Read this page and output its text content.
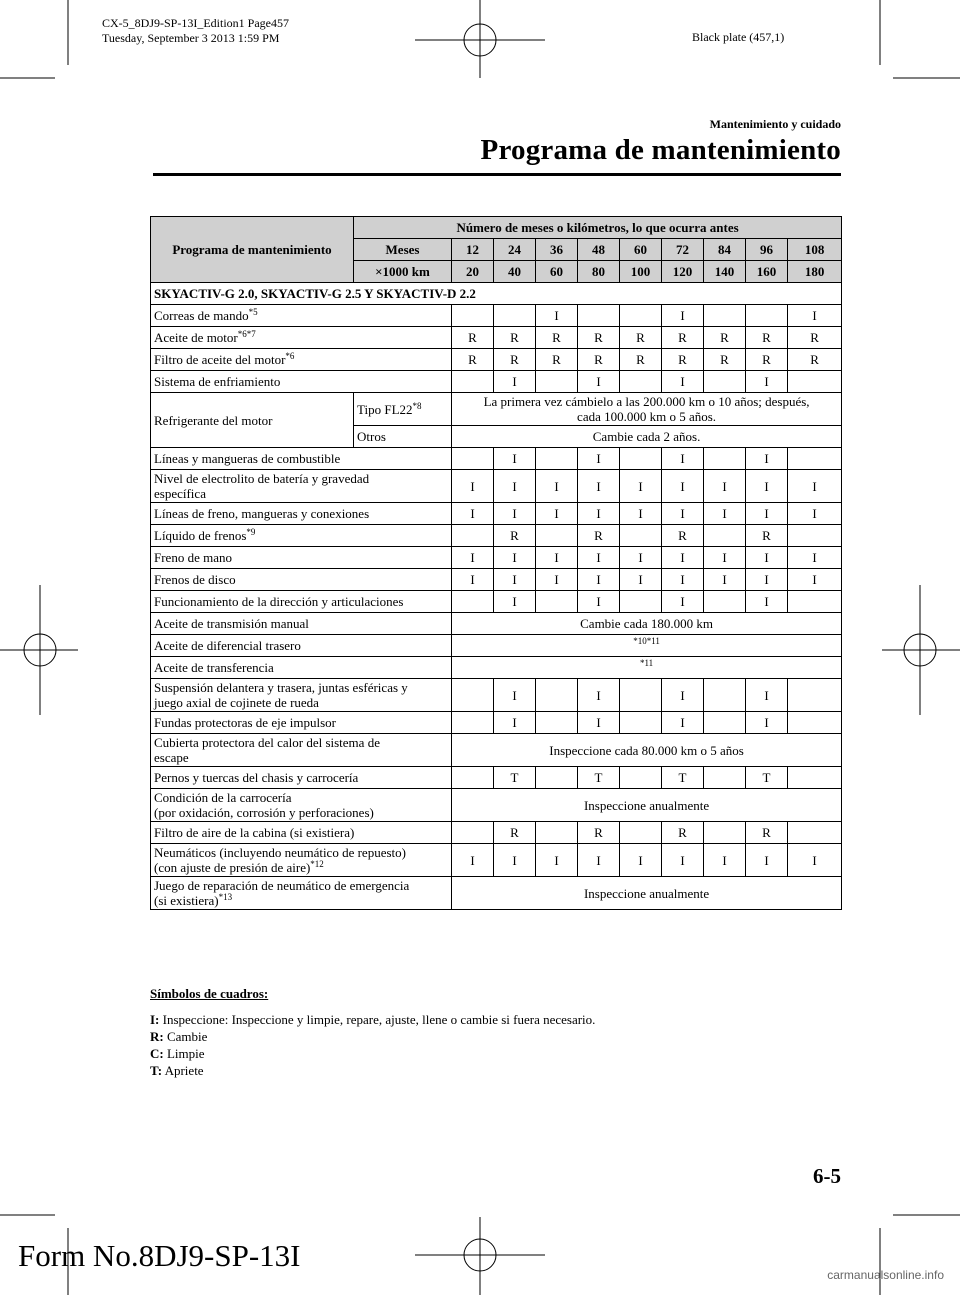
CX-5_8DJ9-SP-13I_Edition1 Page457
Tuesday, September 3 2013 1:59 PM	Black plate (457,1)
Mantenimiento y cuidado
Programa de mantenimiento
Programa de mantenimiento	Número de meses o kilómetros, lo que ocurra antes									
	Meses	12	24	36	48	60	72	84	96	108
	×1000 km	20	40	60	80	100	120	140	160	180
SKYACTIV-G 2.0, SKYACTIV-G 2.5 Y SKYACTIV-D 2.2										
Correas de mando$^{*5}$				I			I			I
Aceite de motor$^{*6*7}$		R	R	R	R	R	R	R	R	R
Filtro de aceite del motor$^{*6}$		R	R	R	R	R	R	R	R	R
Sistema de enfriamiento			I		I		I		I	
Refrigerante del motor	Tipo FL22$^{*8}$	La primera vez cámbielo a las 200.000 km o 10 años; después,
cada 100.000 km o 5 años.								

	Otros	Cambie cada 2 años.								
Líneas y mangueras de combustible			I		I		I		I	

Nivel de electrolito de batería y gravedad
específica		I	I	I	I	I	I	I	I	I
Líneas de freno, mangueras y conexiones		I	I	I	I	I	I	I	I	I
Líquido de frenos$^{*9}$			R		R		R		R	
Freno de mano		I	I	I	I	I	I	I	I	I
Frenos de disco		I	I	I	I	I	I	I	I	I
Funcionamiento de la dirección y articulaciones			I		I		I		I	
Aceite de transmisión manual		Cambie cada 180.000 km								
Aceite de diferencial trasero		*10*11								
Aceite de transferencia		*11								

Suspensión delantera y trasera, juntas esféricas y
juego axial de cojinete de rueda			I		I		I		I	
Fundas protectoras de eje impulsor			I		I		I		I	

Cubierta protectora del calor del sistema de
escape		Inspeccione cada 80.000 km o 5 años								
Pernos y tuercas del chasis y carrocería			T		T		T		T	

Condición de la carrocería
(por oxidación, corrosión y perforaciones)		Inspeccione anualmente								
Filtro de aire de la cabina (si existiera)			R		R		R		R	

Neumáticos (incluyendo neumático de repuesto)
(con ajuste de presión de aire)$^{*12}$		I	I	I	I	I	I	I	I	I

Juego de reparación de neumático de emergencia
(si existiera)$^{*13}$		Inspeccione anualmente								
Símbolos de cuadros:
I: Inspeccione: Inspeccione y limpie, repare, ajuste, llene o cambie si fuera necesario.
R: Cambie
C: Limpie
T: Apriete
6-5
Form No.8DJ9-SP-13I
carmanualsonline.info
